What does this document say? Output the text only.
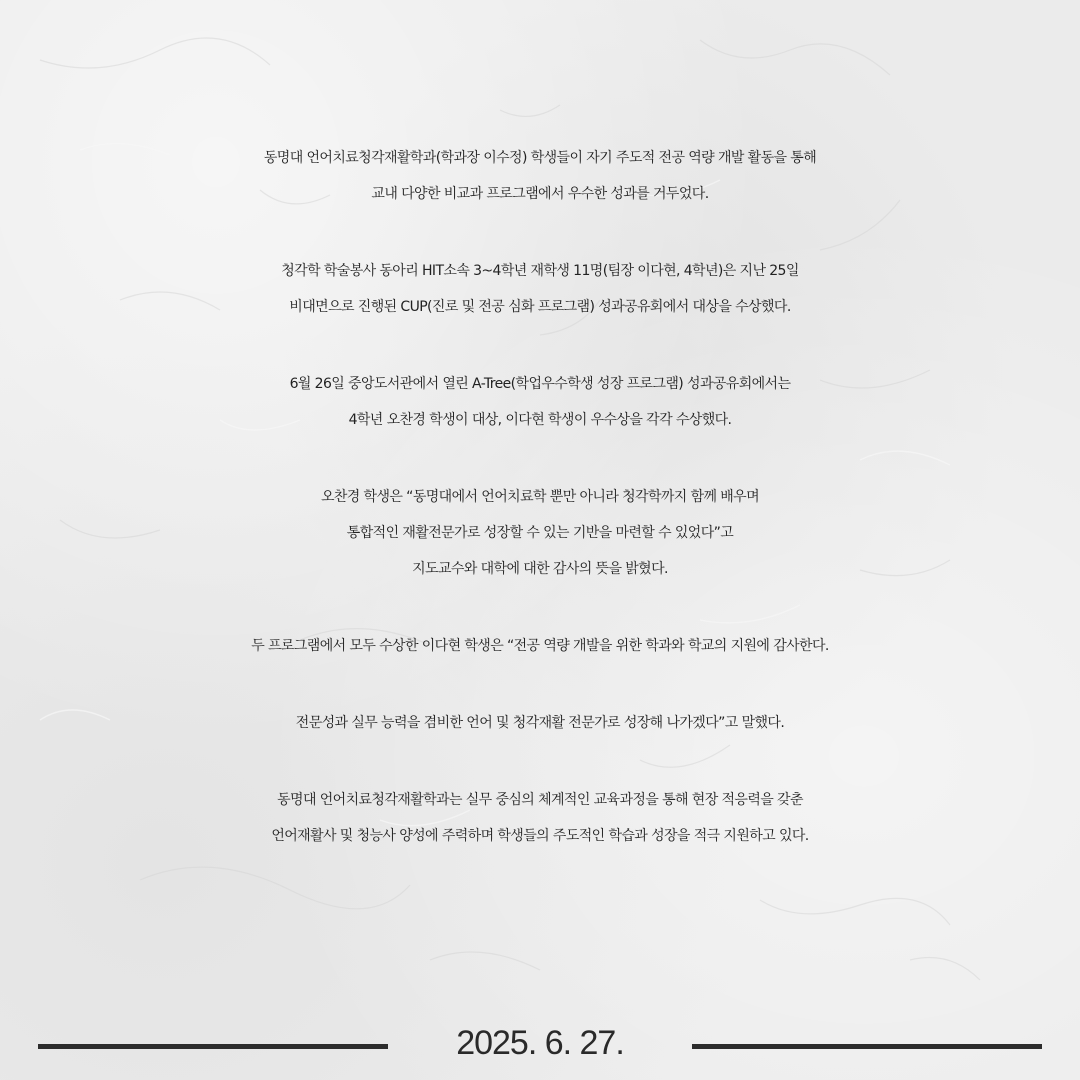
동명대 언어치료청각재활학과(학과장 이수정) 학생들이 자기 주도적 전공 역량 개발 활동을 통해
교내 다양한 비교과 프로그램에서 우수한 성과를 거두었다.

청각학 학술봉사 동아리 HIT소속 3~4학년 재학생 11명(팀장 이다현, 4학년)은 지난 25일
비대면으로 진행된 CUP(진로 및 전공 심화 프로그램) 성과공유회에서 대상을 수상했다.

6월 26일 중앙도서관에서 열린 A-Tree(학업우수학생 성장 프로그램) 성과공유회에서는
4학년 오찬경 학생이 대상, 이다현 학생이 우수상을 각각 수상했다.

오찬경 학생은 “동명대에서 언어치료학 뿐만 아니라 청각학까지 함께 배우며
통합적인 재활전문가로 성장할 수 있는 기반을 마련할 수 있었다”고
지도교수와 대학에 대한 감사의 뜻을 밝혔다.

두 프로그램에서 모두 수상한 이다현 학생은 “전공 역량 개발을 위한 학과와 학교의 지원에 감사한다.

전문성과 실무 능력을 겸비한 언어 및 청각재활 전문가로 성장해 나가겠다”고 말했다.

동명대 언어치료청각재활학과는 실무 중심의 체계적인 교육과정을 통해 현장 적응력을 갖춘
언어재활사 및 청능사 양성에 주력하며 학생들의 주도적인 학습과 성장을 적극 지원하고 있다.

2025. 6. 27.
